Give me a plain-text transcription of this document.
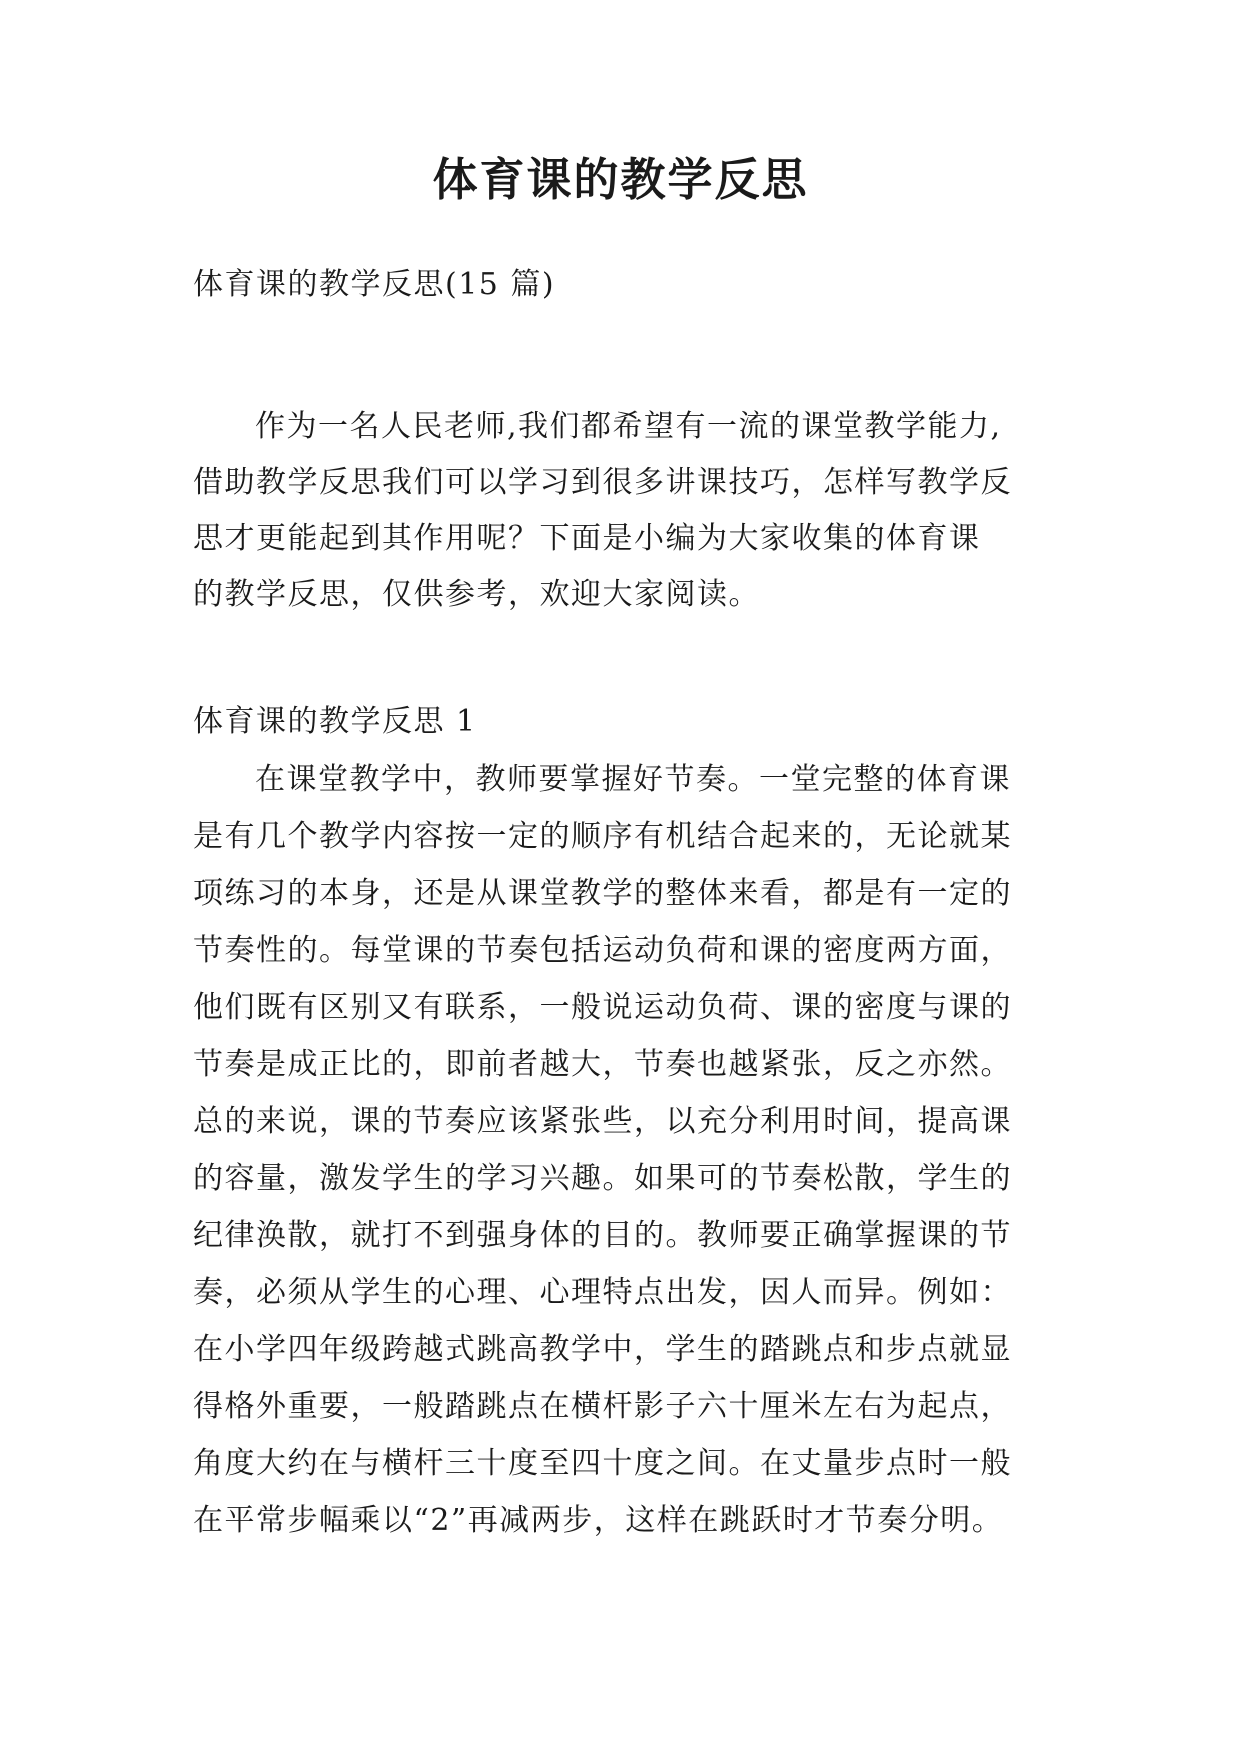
体育课的教学反思

体育课的教学反思(15 篇)

作为一名人民老师,我们都希望有一流的课堂教学能力,
借助教学反思我们可以学习到很多讲课技巧，怎样写教学反
思才更能起到其作用呢？下面是小编为大家收集的体育课
的教学反思，仅供参考，欢迎大家阅读。

体育课的教学反思 1

在课堂教学中，教师要掌握好节奏。一堂完整的体育课
是有几个教学内容按一定的顺序有机结合起来的，无论就某
项练习的本身，还是从课堂教学的整体来看，都是有一定的
节奏性的。每堂课的节奏包括运动负荷和课的密度两方面，
他们既有区别又有联系，一般说运动负荷、课的密度与课的
节奏是成正比的，即前者越大，节奏也越紧张，反之亦然。
总的来说，课的节奏应该紧张些，以充分利用时间，提高课
的容量，激发学生的学习兴趣。如果可的节奏松散，学生的
纪律涣散，就打不到强身体的目的。教师要正确掌握课的节
奏，必须从学生的心理、心理特点出发，因人而异。例如：
在小学四年级跨越式跳高教学中，学生的踏跳点和步点就显
得格外重要，一般踏跳点在横杆影子六十厘米左右为起点，
角度大约在与横杆三十度至四十度之间。在丈量步点时一般
在平常步幅乘以“2”再减两步，这样在跳跃时才节奏分明。
